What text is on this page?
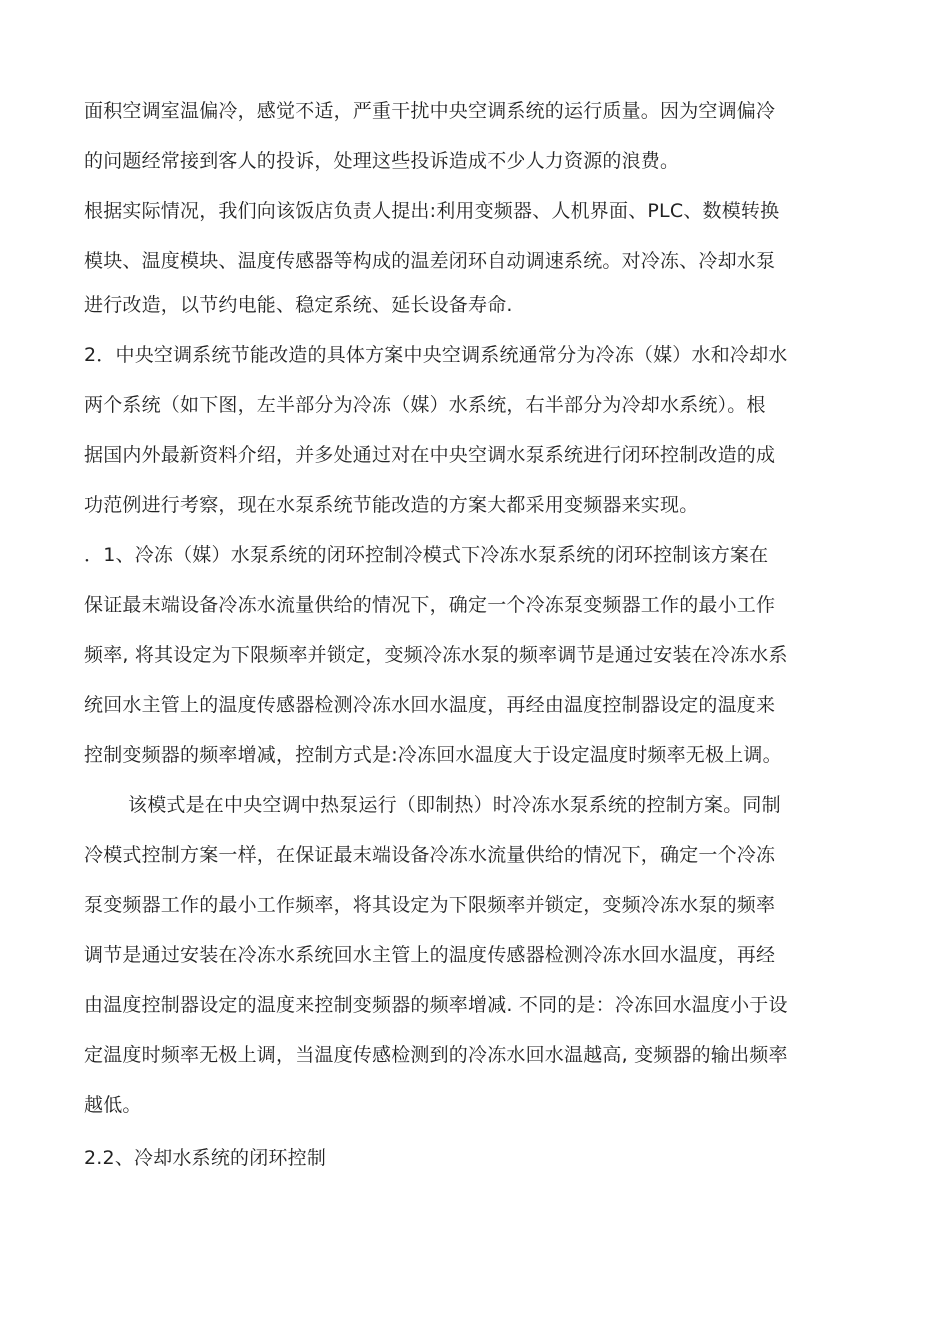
面积空调室温偏冷，感觉不适，严重干扰中央空调系统的运行质量。因为空调偏冷
的问题经常接到客人的投诉，处理这些投诉造成不少人力资源的浪费。
根据实际情况，我们向该饭店负责人提出:利用变频器、人机界面、PLC、数模转换
模块、温度模块、温度传感器等构成的温差闭环自动调速系统。对冷冻、冷却水泵
进行改造，以节约电能、稳定系统、延长设备寿命.
2．中央空调系统节能改造的具体方案中央空调系统通常分为冷冻（媒）水和冷却水
两个系统（如下图，左半部分为冷冻（媒）水系统，右半部分为冷却水系统）。根
据国内外最新资料介绍，并多处通过对在中央空调水泵系统进行闭环控制改造的成
功范例进行考察，现在水泵系统节能改造的方案大都采用变频器来实现。
．1、冷冻（媒）水泵系统的闭环控制冷模式下冷冻水泵系统的闭环控制该方案在
保证最末端设备冷冻水流量供给的情况下，确定一个冷冻泵变频器工作的最小工作
频率, 将其设定为下限频率并锁定，变频冷冻水泵的频率调节是通过安装在冷冻水系
统回水主管上的温度传感器检测冷冻水回水温度，再经由温度控制器设定的温度来
控制变频器的频率增减，控制方式是:冷冻回水温度大于设定温度时频率无极上调。
该模式是在中央空调中热泵运行（即制热）时冷冻水泵系统的控制方案。同制
冷模式控制方案一样，在保证最末端设备冷冻水流量供给的情况下，确定一个冷冻
泵变频器工作的最小工作频率，将其设定为下限频率并锁定，变频冷冻水泵的频率
调节是通过安装在冷冻水系统回水主管上的温度传感器检测冷冻水回水温度，再经
由温度控制器设定的温度来控制变频器的频率增减. 不同的是：冷冻回水温度小于设
定温度时频率无极上调，当温度传感检测到的冷冻水回水温越高, 变频器的输出频率
越低。
2.2、冷却水系统的闭环控制
